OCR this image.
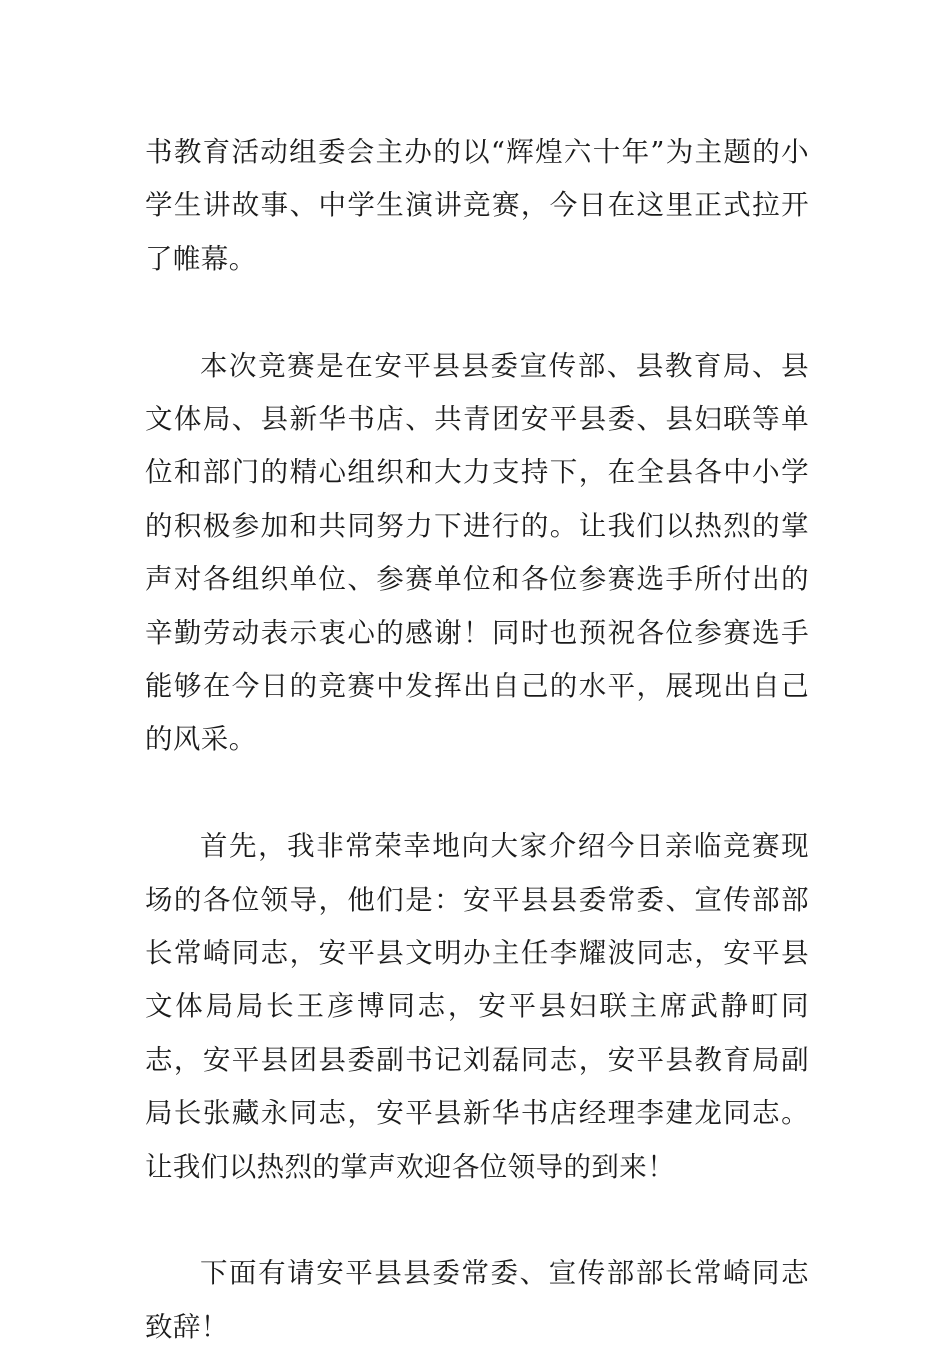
书教育活动组委会主办的以“辉煌六十年”为主题的小学生讲故事、中学生演讲竞赛，今日在这里正式拉开了帷幕。

本次竞赛是在安平县县委宣传部、县教育局、县文体局、县新华书店、共青团安平县委、县妇联等单位和部门的精心组织和大力支持下，在全县各中小学的积极参加和共同努力下进行的。让我们以热烈的掌声对各组织单位、参赛单位和各位参赛选手所付出的辛勤劳动表示衷心的感谢！同时也预祝各位参赛选手能够在今日的竞赛中发挥出自己的水平，展现出自己的风采。

首先，我非常荣幸地向大家介绍今日亲临竞赛现场的各位领导，他们是：安平县县委常委、宣传部部长常崎同志，安平县文明办主任李耀波同志，安平县文体局局长王彦博同志，安平县妇联主席武静町同志，安平县团县委副书记刘磊同志，安平县教育局副局长张藏永同志，安平县新华书店经理李建龙同志。让我们以热烈的掌声欢迎各位领导的到来！

下面有请安平县县委常委、宣传部部长常崎同志致辞！
